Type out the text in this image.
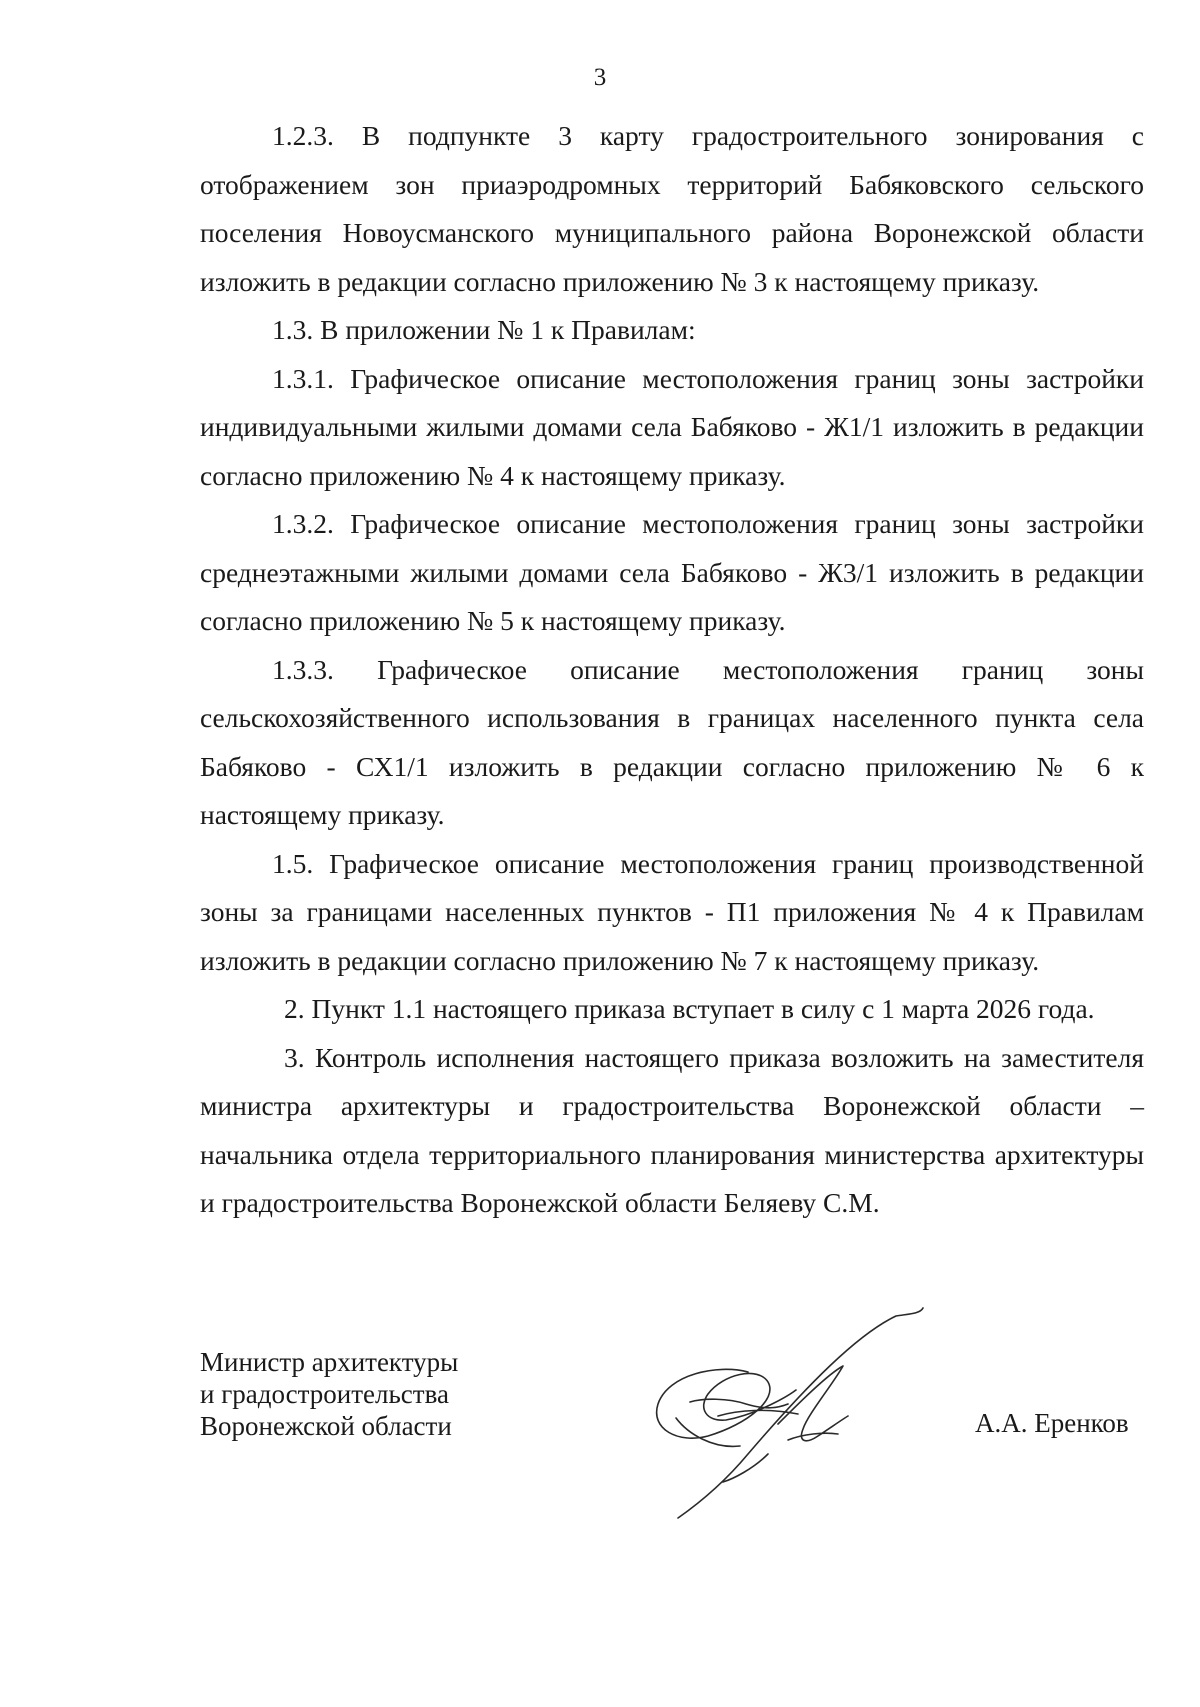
3

1.2.3. В подпункте 3 карту градостроительного зонирования с отображением зон приаэродромных территорий Бабяковского сельского поселения Новоусманского муниципального района Воронежской области изложить в редакции согласно приложению № 3 к настоящему приказу.

1.3. В приложении № 1 к Правилам:

1.3.1. Графическое описание местоположения границ зоны застройки индивидуальными жилыми домами села Бабяково - Ж1/1 изложить в редакции согласно приложению № 4 к настоящему приказу.

1.3.2. Графическое описание местоположения границ зоны застройки среднеэтажными жилыми домами села Бабяково - Ж3/1 изложить в редакции согласно приложению № 5 к настоящему приказу.

1.3.3. Графическое описание местоположения границ зоны сельскохозяйственного использования в границах населенного пункта села Бабяково - СХ1/1 изложить в редакции согласно приложению № 6 к настоящему приказу.

1.5. Графическое описание местоположения границ производственной зоны за границами населенных пунктов - П1 приложения № 4 к Правилам изложить в редакции согласно приложению № 7 к настоящему приказу.

2. Пункт 1.1 настоящего приказа вступает в силу с 1 марта 2026 года.

3. Контроль исполнения настоящего приказа возложить на заместителя министра архитектуры и градостроительства Воронежской области – начальника отдела территориального планирования министерства архитектуры и градостроительства Воронежской области Беляеву С.М.

Министр архитектуры
и градостроительства
Воронежской области	А.А. Еренков
